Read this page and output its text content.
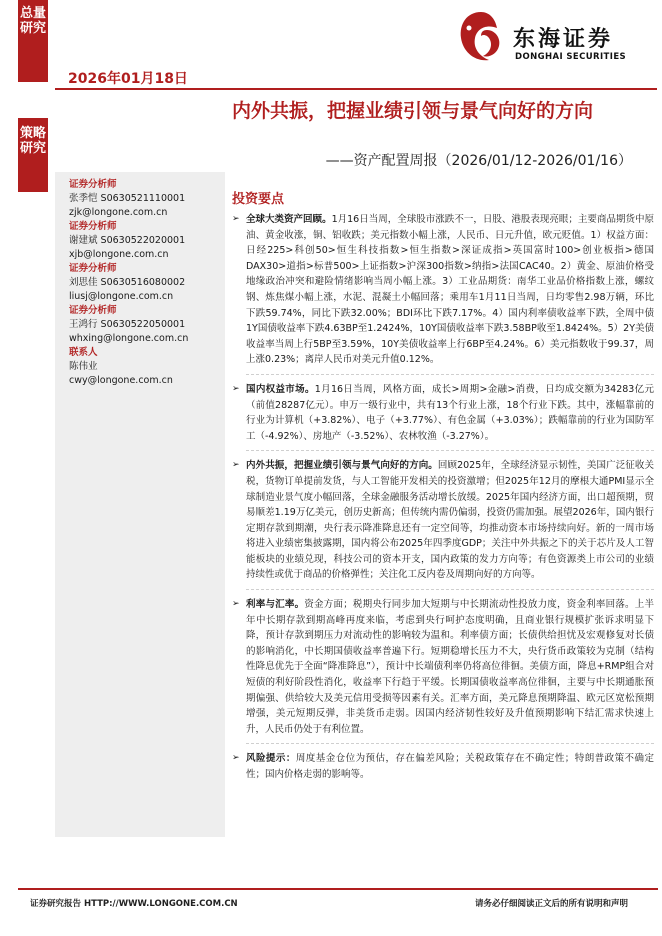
总量研究
策略研究
2026年01月18日
东海证券
DONGHAI SECURITIES
内外共振，把握业绩引领与景气向好的方向
——资产配置周报（2026/01/12-2026/01/16）
证券分析师
张季恺 S0630521110001
zjk@longone.com.cn
证券分析师
谢建斌 S0630522020001
xjb@longone.com.cn
证券分析师
刘思佳 S0630516080002
liusj@longone.com.cn
证券分析师
王鸿行 S0630522050001
whxing@longone.com.cn
联系人
陈伟业
cwy@longone.com.cn
投资要点
➢ 全球大类资产回顾。1月16日当周，全球股市涨跌不一，日股、港股表现亮眼；主要商品期货中原油、黄金收涨，铜、铝收跌；美元指数小幅上涨，人民币、日元升值，欧元贬值。1）权益方面：日经225>科创50>恒生科技指数>恒生指数>深证成指>英国富时100>创业板指>德国DAX30>道指>标普500>上证指数>沪深300指数>纳指>法国CAC40。2）黄金、原油价格受地缘政治冲突和避险情绪影响当周小幅上涨。3）工业品期货：南华工业品价格指数上涨，螺纹钢、炼焦煤小幅上涨，水泥、混凝土小幅回落；乘用车1月11日当周，日均零售2.98万辆，环比下跌59.74%，同比下跌32.00%；BDI环比下跌7.17%。4）国内利率债收益率下跌，全周中债1Y国债收益率下跌4.63BP至1.2424%，10Y国债收益率下跌3.58BP收至1.8424%。5）2Y美债收益率当周上行5BP至3.59%，10Y美债收益率上行6BP至4.24%。6）美元指数收于99.37，周上涨0.23%；离岸人民币对美元升值0.12%。
➢ 国内权益市场。1月16日当周，风格方面，成长>周期>金融>消费，日均成交额为34283亿元（前值28287亿元）。申万一级行业中，共有13个行业上涨，18个行业下跌。其中，涨幅靠前的行业为计算机（+3.82%）、电子（+3.77%）、有色金属（+3.03%）；跌幅靠前的行业为国防军工（-4.92%）、房地产（-3.52%）、农林牧渔（-3.27%）。
➢ 内外共振，把握业绩引领与景气向好的方向。回顾2025年，全球经济显示韧性，美国广泛征收关税，货物订单提前发货，与人工智能开发相关的投资激增；但2025年12月的摩根大通PMI显示全球制造业景气度小幅回落，全球金融服务活动增长放缓。2025年国内经济方面，出口超预期，贸易顺差1.19万亿美元，创历史新高；但传统内需仍偏弱，投资仍需加强。展望2026年，国内银行定期存款到期潮，央行表示降准降息还有一定空间等，均推动资本市场持续向好。新的一周市场将进入业绩密集披露期，国内将公布2025年四季度GDP；关注中外共振之下的关于芯片及人工智能板块的业绩兑现，科技公司的资本开支，国内政策的发力方向等；有色资源类上市公司的业绩持续性或优于商品的价格弹性；关注化工反内卷及周期向好的方向等。
➢ 利率与汇率。资金方面；税期央行同步加大短期与中长期流动性投放力度，资金利率回落。上半年中长期存款到期高峰再度来临，考虑到央行呵护态度明确，且商业银行规模扩张诉求明显下降，预计存款到期压力对流动性的影响较为温和。利率债方面；长债供给担忧及宏观修复对长债的影响消化，中长期国债收益率普遍下行。短期稳增长压力不大，央行货币政策较为克制（结构性降息优先于全面“降准降息”），预计中长端债利率仍将高位徘徊。美债方面，降息+RMP组合对短债的利好阶段性消化，收益率下行趋于平缓。长期国债收益率高位徘徊，主要与中长期通胀预期偏强、供给较大及美元信用受损等因素有关。汇率方面，美元降息预期降温、欧元区宽松预期增强，美元短期反弹，非美货币走弱。因国内经济韧性较好及升值预期影响下结汇需求快速上升，人民币仍处于有利位置。
➢ 风险提示：周度基金仓位为预估，存在偏差风险；关税政策存在不确定性；特朗普政策不确定性；国内价格走弱的影响等。
证券研究报告 HTTP://WWW.LONGONE.COM.CN	请务必仔细阅读正文后的所有说明和声明
